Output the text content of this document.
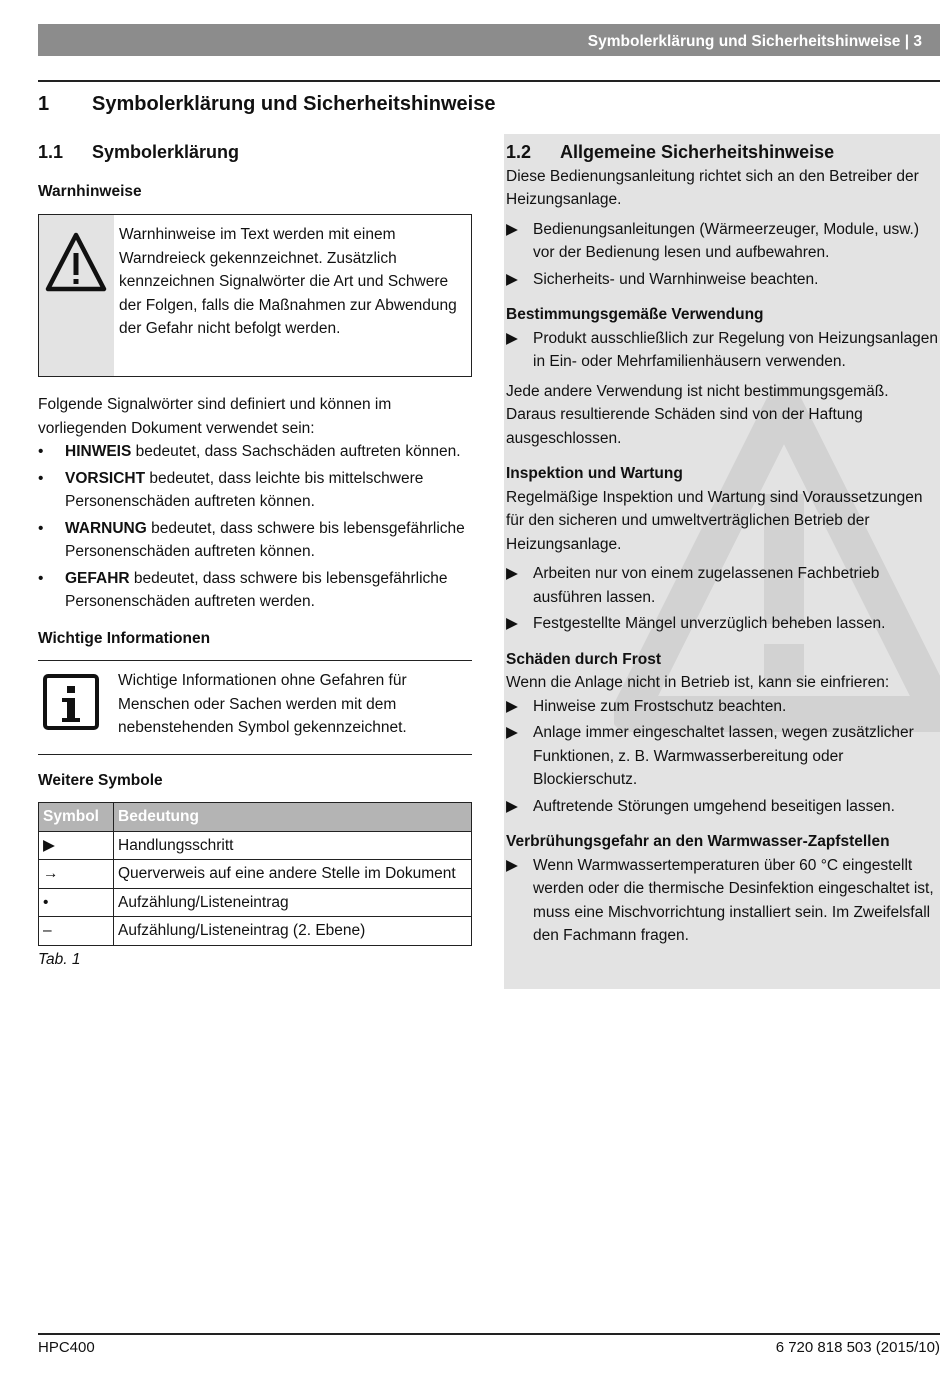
Symbolerklärung und Sicherheitshinweise | 3
1 Symbolerklärung und Sicherheitshinweise
1.1 Symbolerklärung
Warnhinweise

Warnhinweise im Text werden mit einem Warndreieck gekennzeichnet. Zusätzlich kennzeichnen Signalwörter die Art und Schwere der Folgen, falls die Maßnahmen zur Abwendung der Gefahr nicht befolgt werden.

Folgende Signalwörter sind definiert und können im vorliegenden Dokument verwendet sein:

• HINWEIS bedeutet, dass Sachschäden auftreten können.
• VORSICHT bedeutet, dass leichte bis mittelschwere Personenschäden auftreten können.
• WARNUNG bedeutet, dass schwere bis lebensgefährliche Personenschäden auftreten können.
• GEFAHR bedeutet, dass schwere bis lebensgefährliche Personenschäden auftreten werden.
Wichtige Informationen

Wichtige Informationen ohne Gefahren für Menschen oder Sachen werden mit dem nebenstehenden Symbol gekennzeichnet.

Weitere Symbole
Symbol	Bedeutung
▶	Handlungsschritt
→	Querverweis auf eine andere Stelle im Dokument
•	Aufzählung/Listeneintrag
–	Aufzählung/Listeneintrag (2. Ebene)
Tab. 1
1.2 Allgemeine Sicherheitshinweise

Diese Bedienungsanleitung richtet sich an den Betreiber der Heizungsanlage.

▶ Bedienungsanleitungen (Wärmeerzeuger, Module, usw.) vor der Bedienung lesen und aufbewahren.
▶ Sicherheits- und Warnhinweise beachten.
Bestimmungsgemäße Verwendung
▶ Produkt ausschließlich zur Regelung von Heizungsanlagen in Ein- oder Mehrfamilienhäusern verwenden.

Jede andere Verwendung ist nicht bestimmungsgemäß. Daraus resultierende Schäden sind von der Haftung ausgeschlossen.

Inspektion und Wartung

Regelmäßige Inspektion und Wartung sind Voraussetzungen für den sicheren und umweltverträglichen Betrieb der Heizungsanlage.

▶ Arbeiten nur von einem zugelassenen Fachbetrieb ausführen lassen.
▶ Festgestellte Mängel unverzüglich beheben lassen.
Schäden durch Frost

Wenn die Anlage nicht in Betrieb ist, kann sie einfrieren:

▶ Hinweise zum Frostschutz beachten.
▶ Anlage immer eingeschaltet lassen, wegen zusätzlicher Funktionen, z. B. Warmwasserbereitung oder Blockierschutz.
▶ Auftretende Störungen umgehend beseitigen lassen.
Verbrühungsgefahr an den Warmwasser-Zapfstellen
▶ Wenn Warmwassertemperaturen über 60 °C eingestellt werden oder die thermische Desinfektion eingeschaltet ist, muss eine Mischvorrichtung installiert sein. Im Zweifelsfall den Fachmann fragen.
HPC400	6 720 818 503 (2015/10)
